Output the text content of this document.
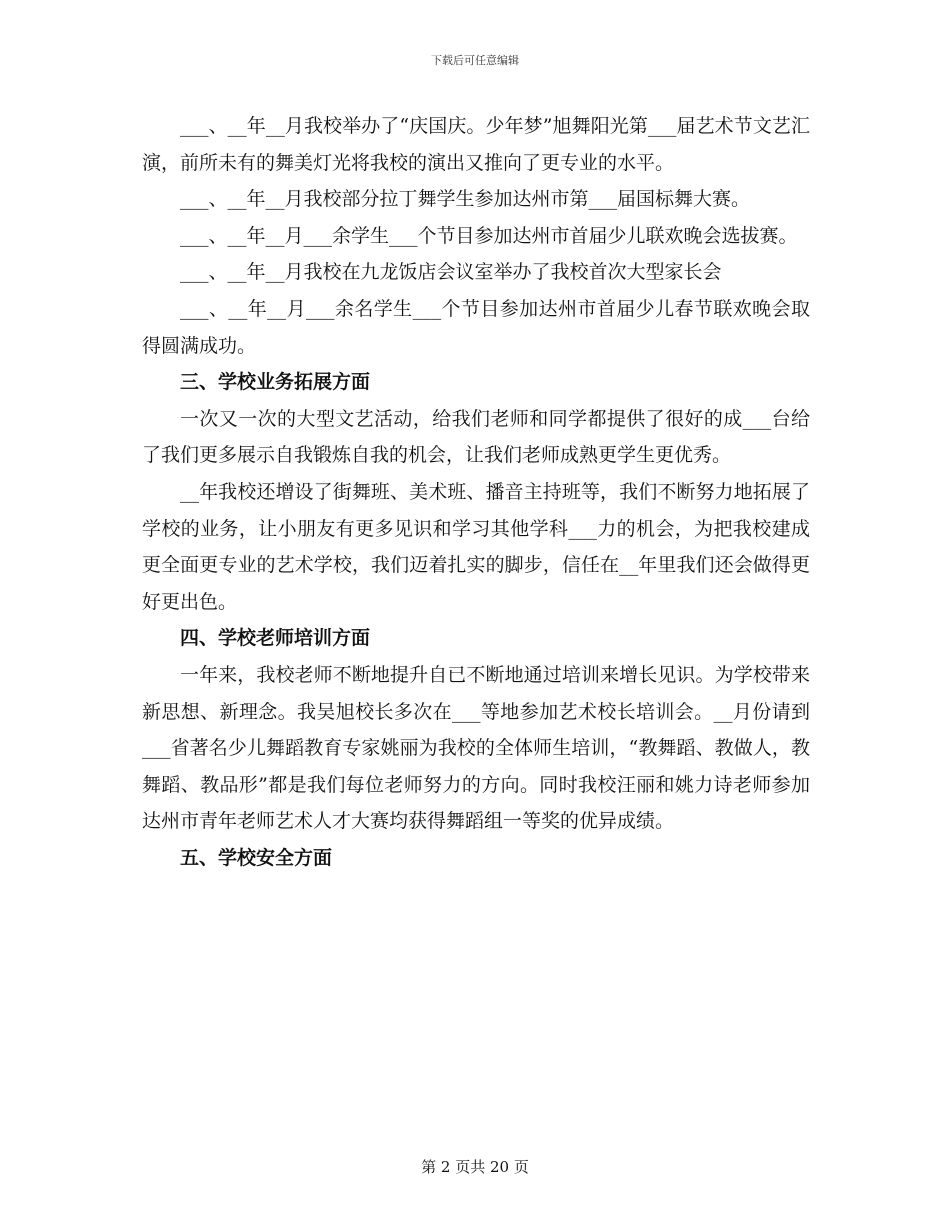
下载后可任意编辑

___、__年__月我校举办了“庆国庆。少年梦”旭舞阳光第___届艺术节文艺汇演，前所未有的舞美灯光将我校的演出又推向了更专业的水平。

___、__年__月我校部分拉丁舞学生参加达州市第___届国标舞大赛。

___、__年__月___余学生___个节目参加达州市首届少儿联欢晚会选拔赛。

___、__年__月我校在九龙饭店会议室举办了我校首次大型家长会

___、__年__月___余名学生___个节目参加达州市首届少儿春节联欢晚会取得圆满成功。

三、学校业务拓展方面

一次又一次的大型文艺活动，给我们老师和同学都提供了很好的成___台给了我们更多展示自我锻炼自我的机会，让我们老师成熟更学生更优秀。

__年我校还增设了街舞班、美术班、播音主持班等，我们不断努力地拓展了学校的业务，让小朋友有更多见识和学习其他学科___力的机会，为把我校建成更全面更专业的艺术学校，我们迈着扎实的脚步，信任在__年里我们还会做得更好更出色。

四、学校老师培训方面

一年来，我校老师不断地提升自已不断地通过培训来增长见识。为学校带来新思想、新理念。我吴旭校长多次在___等地参加艺术校长培训会。__月份请到___省著名少儿舞蹈教育专家姚丽为我校的全体师生培训，“教舞蹈、教做人，教舞蹈、教品形”都是我们每位老师努力的方向。同时我校汪丽和姚力诗老师参加达州市青年老师艺术人才大赛均获得舞蹈组一等奖的优异成绩。

五、学校安全方面

第 2 页共 20 页
